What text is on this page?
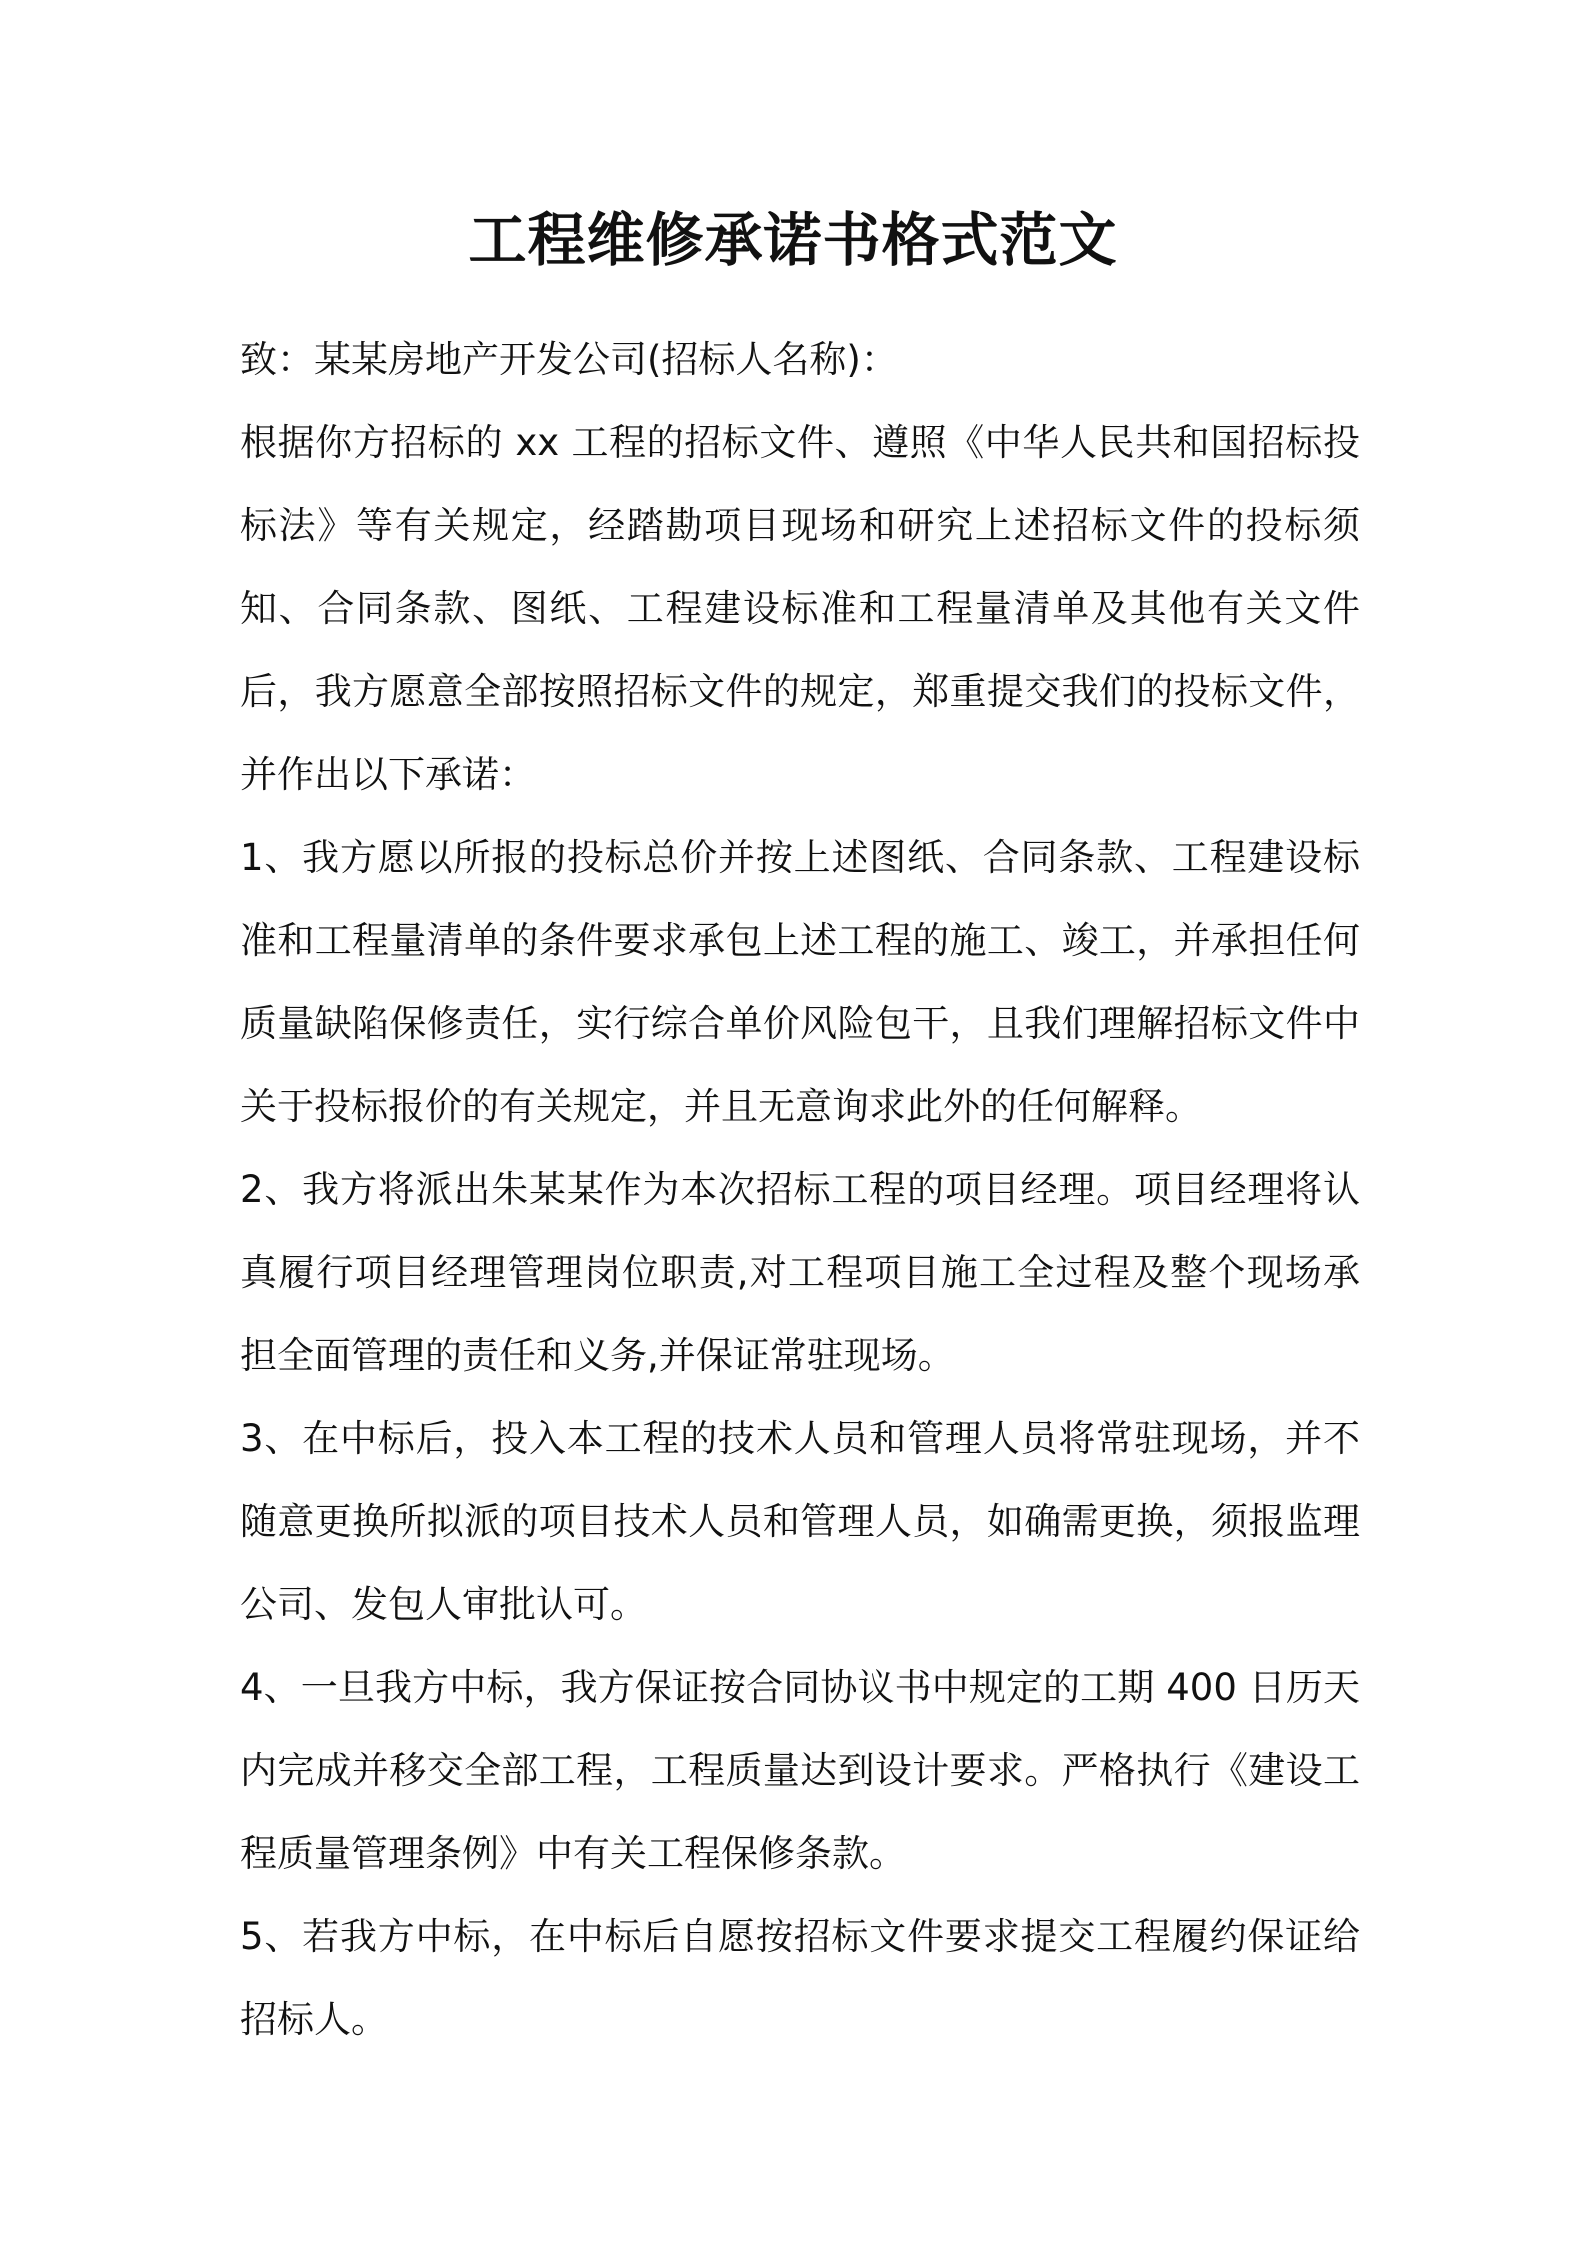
工程维修承诺书格式范文

致：某某房地产开发公司(招标人名称)：

根据你方招标的 xx 工程的招标文件、遵照《中华人民共和国招标投标法》等有关规定，经踏勘项目现场和研究上述招标文件的投标须知、合同条款、图纸、工程建设标准和工程量清单及其他有关文件后，我方愿意全部按照招标文件的规定，郑重提交我们的投标文件，并作出以下承诺：

1、我方愿以所报的投标总价并按上述图纸、合同条款、工程建设标准和工程量清单的条件要求承包上述工程的施工、竣工，并承担任何质量缺陷保修责任，实行综合单价风险包干，且我们理解招标文件中关于投标报价的有关规定，并且无意询求此外的任何解释。

2、我方将派出朱某某作为本次招标工程的项目经理。项目经理将认真履行项目经理管理岗位职责,对工程项目施工全过程及整个现场承担全面管理的责任和义务,并保证常驻现场。

3、在中标后，投入本工程的技术人员和管理人员将常驻现场，并不随意更换所拟派的项目技术人员和管理人员，如确需更换，须报监理公司、发包人审批认可。

4、一旦我方中标，我方保证按合同协议书中规定的工期 400 日历天内完成并移交全部工程，工程质量达到设计要求。严格执行《建设工程质量管理条例》中有关工程保修条款。

5、若我方中标，在中标后自愿按招标文件要求提交工程履约保证给招标人。
